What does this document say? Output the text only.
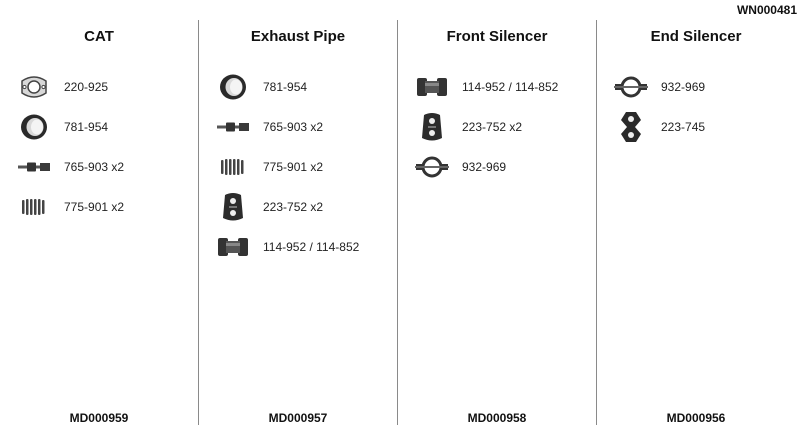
WN000481
CAT
220-925
781-954
765-903 x2
775-901 x2
MD000959
Exhaust Pipe
781-954
765-903 x2
775-901 x2
223-752 x2
114-952 / 114-852
MD000957
Front Silencer
114-952 / 114-852
223-752 x2
932-969
MD000958
End Silencer
932-969
223-745
MD000956
